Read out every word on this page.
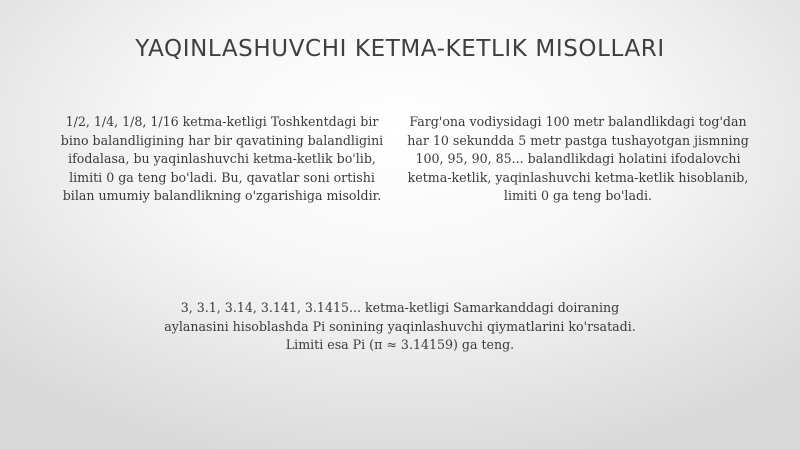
YAQINLASHUVCHI KETMA-KETLIK MISOLLARI
1/2, 1/4, 1/8, 1/16 ketma-ketligi Toshkentdagi bir bino balandligining har bir qavatining balandligini ifodalasa, bu yaqinlashuvchi ketma-ketlik bo'lib, limiti 0 ga teng bo'ladi. Bu, qavatlar soni ortishi bilan umumiy balandlikning o'zgarishiga misoldir.
Farg'ona vodiysidagi 100 metr balandlikdagi tog'dan har 10 sekundda 5 metr pastga tushayotgan jismning 100, 95, 90, 85... balandlikdagi holatini ifodalovchi ketma-ketlik, yaqinlashuvchi ketma-ketlik hisoblanib, limiti 0 ga teng bo'ladi.
3, 3.1, 3.14, 3.141, 3.1415... ketma-ketligi Samarkanddagi doiraning aylanasini hisoblashda Pi sonining yaqinlashuvchi qiymatlarini ko'rsatadi. Limiti esa Pi (π ≈ 3.14159) ga teng.
